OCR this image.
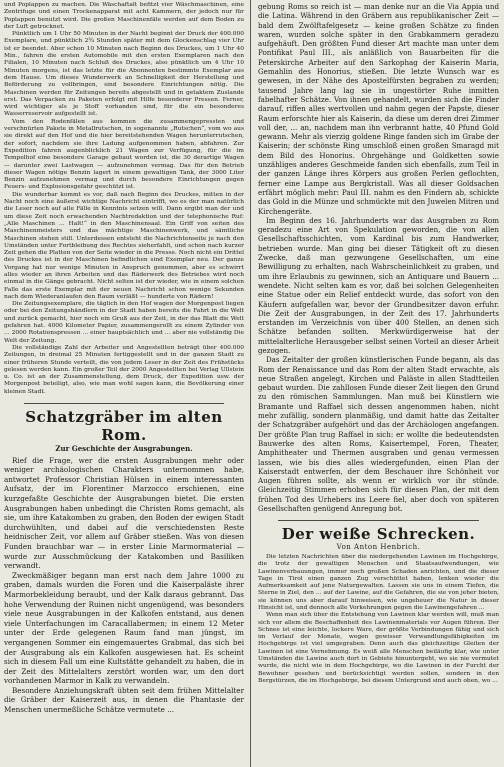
und Poplappen zu machen. Die Wäschaftalt befitzt vier Wäschmaschinen, eine Zentrifuge und einen Trockenapparat mit acht Kammern, der jedoch nur für Poplappen benutzt wird. Die großen Maschinenfäle werden auf dem Boden zu der Luft getrocknet.

Pünktlich um 1 Uhr 50 Minuten in der Nacht beginnt der Druck der 400.000 Exemplare, und pünktlich 2¾ Stunden später mit dem Glockenschlag vier Uhr ist er beendet. Aber schon 10 Minuten nach Beginn des Druckes, um 1 Uhr 40 Min., fahren die ersten Automobile mit den ersten Exemplaren nach den Filialen, 10 Minuten nach Schluß des Druckes, also pünktlich um 4 Uhr 10 Minuten morgens, ist das letzte für die Abonnenten bestimmte Exemplar aus dem Hause. Um dieses Wunderwerk an Schnelligkeit der Herstellung und Beförderung zu vollbringen, sind besondere Einrichtungen nötig. Die Maschinen werden für Zeitungen bereits abgestellt und in getaktem Zuslande erst. Das Verpacken zu Paketen erfolgt mit Hilfe besonderer Pressen. Ferner, wird wichtiger als je Stoff vorhanden sind, für die ein besonderes Wasserreservoir aufgestellt ist.

Vom den Rodenfälen aus kommen die zusammengepressten und verschnürten Pakete in Metallrutschen, in sogenannte „Rutschen“, vom wo aus sie direkt auf den Hof und die hier bereitstehenden Wagen herunterrutschen, der sofort, nachdem sie ihre Ladung aufgenommen haben, abfahren. Zur Expedition fahren augenblicklich 21 Wagen zur Verfügung, für die im Tempelhof eine besondere Garage gebaut worden ist, die 30 derartige Wagen — darunter zwei Lastwagen — aufzunehmen vermag. Das für den Betrieb dieser Wagen nötige Benzin lagert in einem gewaltigen Tank, der 3000 Liter Benzin aufzunehmen vermag und durch besondere Einrichtungen gegen Feuers- und Explosionsgefahr geschützt ist.

Die wunderbar kommt es vor, daß nach Beginn des Druckes, mitten in der Nacht noch eine äußerst wichtige Nachricht eintrifft, wo es der man natürlich die Leser noch auf alle Fälle in Kenntnis setzen will. Dann ergibt man der und um diese Zeit noch erwachenden Nachtredaktion und der telephonische Ruf: „Alle Maschinen ... Halt!“ in den Maschinensaal. Ein Griff von seiten des Maschinenmeisters und das mächtige Maschinenwerk, und sämtliche Maschinen stehen still. Unterdessen entsteht die Nachrichtenseite je nach den Umständen unter Fortbleibung des Rechtes sieherfahlt, und schon nach kurzer Zeit gehen die Platten von der Seite wieder in die Presse. Noch nicht ein Drittel des Druckes ist in der Maschinen befindlichen sind Exemplar neu. Der ganze Vorgang hat nur wenige Minuten in Anspruch genommen, aber es schwirrt alles wieder an ihren Arbeiten und das Räderwerk des Betriebes wird noch einmal in die Gänge gebracht. Nicht selten ist der wieder, wie in einem solchen Falle das erste Exemplar mit der neuen Nachricht schon wenige Sekunden nach dem Wiederanlaufen den Raum verläßt — hunderte von Rädern!

Die Zeitungsexemplare, die täglich in den Hof wagen der Morgenpost liegen oder bei den Zeitungshändlern in der Stadt haben bereits die Fahrt in die Welt und zurück gemacht, hier noch ein Gruß aus der Zeit, in der das Blatt die Welt gefahren hat. 4000 Kilometer Papier, zusammengerollt zu einem Zylinder von ... 2000 Rotationspressen ... einer hauptsächlich und ... aber nie vollständig Die Welt der Zeitung.

Die vollständige Zahl der Arbeiter und Angestellten beträgt über 400.000 Zeitungen, in dreimal 25 Minuten fertiggestellt und in der ganzen Stadt zu einer früheren Stunde verteilt, die von jedem Leser in der Zeit des Frühstücks gelesen werden kann. Ein großer Teil der 2000 Angestellten bei Verlag Ullstein u. Co. ist an der Zusammenstellung, dem Druck, der Expedition usw. der Morgenpost beteiligt, also, wie man wohl sagen kann, die Bevölkerung einer kleinen Stadt.

Schatzgräber im alten Rom.
Zur Geschichte der Ausgrabungen.

Rief die Frage, wer die ersten Ausgrabungen mehr oder weniger archäologischen Charakters unternommen habe, antwortet Professor Christian Hülsen in einem interessanten Aufsatz, der im Florentiner Marzocco erschienen, eine kurzgefaßte Geschichte der Ausgrabungen bietet. Die ersten Ausgrabungen haben unbedingt die Christen Roms gemacht, als sie, um ihre Katakomben zu graben, den Boden der ewigen Stadt durchwühlten, und dabei auf die verschiedensten Reste heidnischer Zeit, vor allem auf Gräber stießen. Was von diesen Funden brauchbar war — in erster Linie Marmormaterial — wurde zur Ausschmückung der Katakomben und Basiliken verwandt.

Zweckmäßiger begann man erst nach dem Jahre 1000 zu graben, damals wurden die Foren und die Kaiserpaläste ihrer Marmorbekleidung beraubt, und der Kalk daraus gebrannt. Das hohe Verwendung der Ruinen nicht ungenügend, was besonders viele neue Ausgrabungen in der Kalkofen entstand, aus denen viele Unterfachungen im Caracallabermen; in einem 12 Meter unter der Erde gelegenen Raum fand man jüngst, im vergangenen Sommer ein eingemauertes Grabmal, das sich bei der Ausgrabung als ein Kalkofen ausgewiesen hat. Es scheint sich in diesem Fall um eine Kultstätte gehandelt zu haben, die in der Zeit des Mittelalters zerstört worden war, um den dort vorhandenen Marmor in Kalk zu verwandeln.

Besondere Anziehungskraft übten seit dem frühen Mittelalter die Gräber der Kaiserzeit aus, in denen die Phantasie der Menschen unermeßliche Schätze vermutete ...

gebung Roms so reich ist — man denke nur an die Via Appia und die Latina. Während in den Gräbern aus republikanischer Zeit — bald dem Zwölftafelgesetz — keine großen Schätze zu finden waren, wurden solche später in den Grabkammern geradezu aufgehäuft. Den größten Fund dieser Art machte man unter dem Pontifikat Paul III., als anläßlich von Bauarbeiten für die Peterskirche Arbeiter auf den Sarkophag der Kaiserin Maria, Gemahlin des Honorius, stießen. Die letzte Wunsch war es gewesen, in der Nähe des Apostelfürsten begraben zu werden; tausend Jahre lang lag sie in ungestörter Ruhe inmitten fabelhafter Schätze. Von ihnen gehandelt, wurden sich die Finder darauf, riffen alles wertvollen und nahm gegen der Papste, dieser Raum erforschte hier als Kaiserin, da diese um deren drei Zimmer voll der, ... an, nachdem man ihn verbrannt hatte, 40 Pfund Gold gewann. Mehr als vierzig goldene Ringe fanden sich im Grabe der Kaiserin; der schönste Ring umschloß einen großen Smaragd mit dem Bild des Honorius. Ohrgehänge und Goldketten sowie unzähliges anderes Geschmeide fanden sich ebenfalls, zum Teil in der ganzen Länge ihres Körpers aus großen Perlen geflochten, ferner eine Lampe aus Bergkristall. Was all dieser Goldsachen erfährt möglich mehr: Paul III. nahm es den Findern ab, schickte das Gold in die Münze und schmückte mit den Juwelen Mitren und Kirchengeräte.

Im Beginn des 16. Jahrhunderts war das Ausgraben zu Rom geradezu eine Art von Spekulation geworden, die von allen Gesellschaftsschichten, vom Kardinal bis zum Handwerker, betrieben wurde. Man ging bei dieser Tätigkeit oft zu diesen Zwecke, daß man gezwungene Gesellschaften, um eine Bewilligung zu erhalten, nach Wahrscheinlichkeit zu graben, und um ihre Erlaubnis zu gewinnen, sich an Antiquare und Bauern ... wendete. Nicht selten kam es vor, daß bei solchen Gelegenheiten eine Statue oder ein Relief entdeckt wurde, das sofort von den Käufern aufgefallen war, bevor der Grundbesitzer davon erfuhr. Die Zeit der Ausgrabungen, in der Zeit des 17. Jahrhunderts erstanden im Verzeichnis von über 400 Stellen, an denen sich Schätze befanden sollten. Merkwürdigerweise hat der mittelalterliche Herausgeber selbst seinen Vorteil an dieser Arbeit gezogen.

Das Zeitalter der großen künstlerischen Funde begann, als das Rom der Renaissance und das Rom der alten Stadt erwachte, als neue Straßen angelegt, Kirchen und Paläste in allen Stadtteilen gebaut wurden. Die zahllosen Funde dieser Zeit liegen den Grund zu den römischen Sammlungen. Man muß bei Künstlern wie Bramante und Raffael sich dessen angenommen haben, nicht mehr zufällig, sondern planmäßig, und damit hatte das Zeitalter der Schatzgräber aufgehört und das der Archäologen angefangen. Der größte Plan trug Raffael in sich: er wollte die bedeutendsten Bauwerke des alten Roms, Kaisertempel, Foren, Theater, Amphitheater und Thermen ausgraben und genau vermessen lassen, wie bis dies alles wiedergefunden, einen Plan der Kaiserstadt entwerfen, der dem Beschauer ihre Schönheit vor Augen führen sollte, als wenn er wirklich vor ihr stünde. Gleichzeitig Stimmen erhoben sich für diesen Plan, der mit dem frühen Tod des Urhebers ins Leere fiel, aber doch von späteren Gesellschaften genügend Anregung bot.

Der weiße Schrecken.
Von Anton Henbrich.

Die letzten Nachrichten über die niedergehenden Lawinen im Hochgebirge, die trotz der gewaltigen Menschen und Staatsaufwendungen, wie Lawinenverbauungen, immer noch großen Schaden anrichten, und die dieser Tage in Tirol einen ganzen Zug verschüttet haben, lenken wieder die Aufmerksamkeit auf jene Naturgewalten. Lassen sie uns in einem Tiefen, die Sterne in Ziel, den ... auf der Lawine, auf die Gefahren, die sie von jeher bieten, sie können uns aber darauf hinweisen, wie ungeheuer die Natur in dieser Hinsicht ist, und dennoch alle Vorkehrungen gegen die Lawinengefahren ...

Wenn man sich über die Entstehung von Lawinen klar werden will, muß man sich vor allem die Beschaffenheit des Lawinenmaterials vor Augen führen. Der Schnee ist eine leichte, lockere Ware, der größte Verbindungen fähig und sich im Verlauf der Monate, wegen gewisser Verwandlungsfähigkeiten im Hochgebirge ist viel umgegraben. Denn auch das gleichzeitige Gleiten der Lawinen ist eine Vernehmung. Es weiß alle Menschen beiläufig klar, wie unter Umständen die Lawine auch dort in Gebiete hinuntergeht, wo sie nie vermutet wurde, die nicht wie in dem Hochgebirge, wo die Lawinen in der Furcht der Bewohner gesehen und berücksichtigt werden sollen, sondern in den Bergstürzen, die im Hochgebirge, bei diesem Untergrund sind auch oben, wo ...
